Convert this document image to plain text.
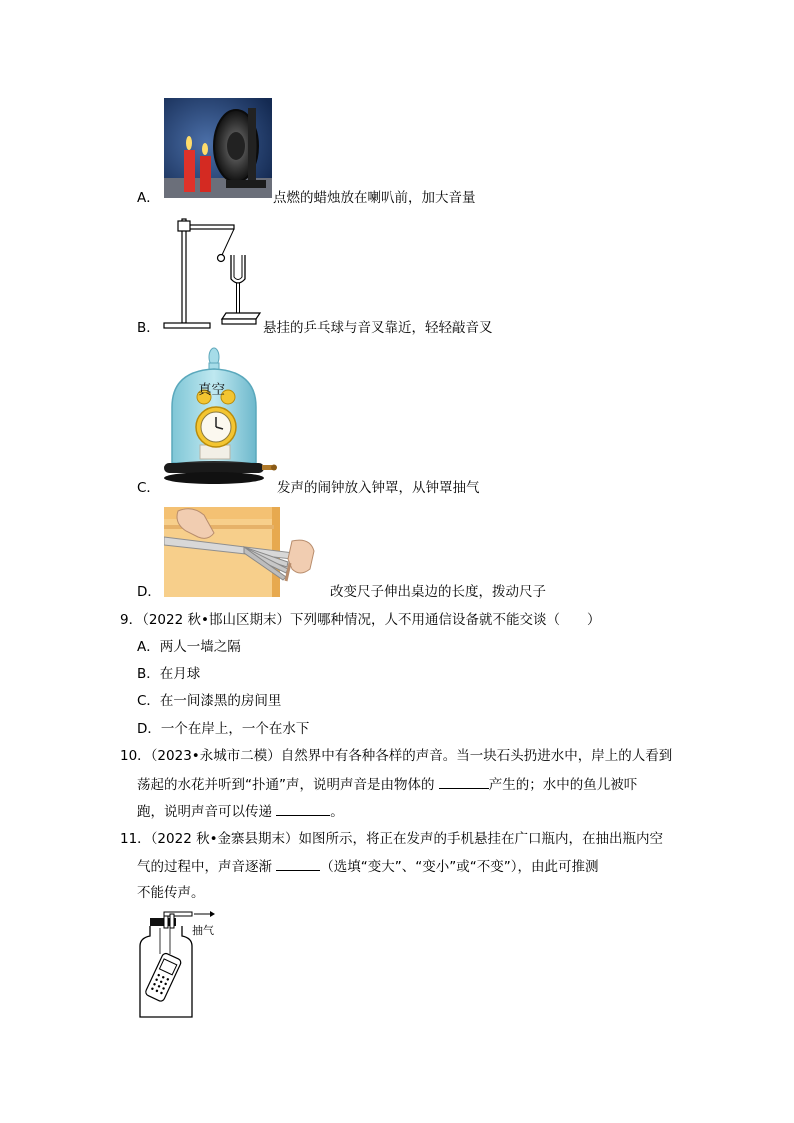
真空
A．	点燃的蜡烛放在喇叭前，加大音量
B．	悬挂的乒乓球与音叉靠近，轻轻敲音叉
C．	发声的闹钟放入钟罩，从钟罩抽气
D．	改变尺子伸出桌边的长度，拨动尺子
9．（2022 秋•邯山区期末）下列哪种情况，人不用通信设备就不能交谈（　　）
A．两人一墙之隔
B．在月球
C．在一间漆黑的房间里
D．一个在岸上，一个在水下
10．（2023•永城市二模）自然界中有各种各样的声音。当一块石头扔进水中，岸上的人看到
荡起的水花并听到“扑通”声，说明声音是由物体的	产生的；水中的鱼儿被吓
跑，说明声音可以传递	。
11．（2022 秋•金寨县期末）如图所示，将正在发声的手机悬挂在广口瓶内，在抽出瓶内空
气的过程中，声音逐渐	（选填“变大”、“变小”或“不变”），由此可推测
不能传声。
抽气
